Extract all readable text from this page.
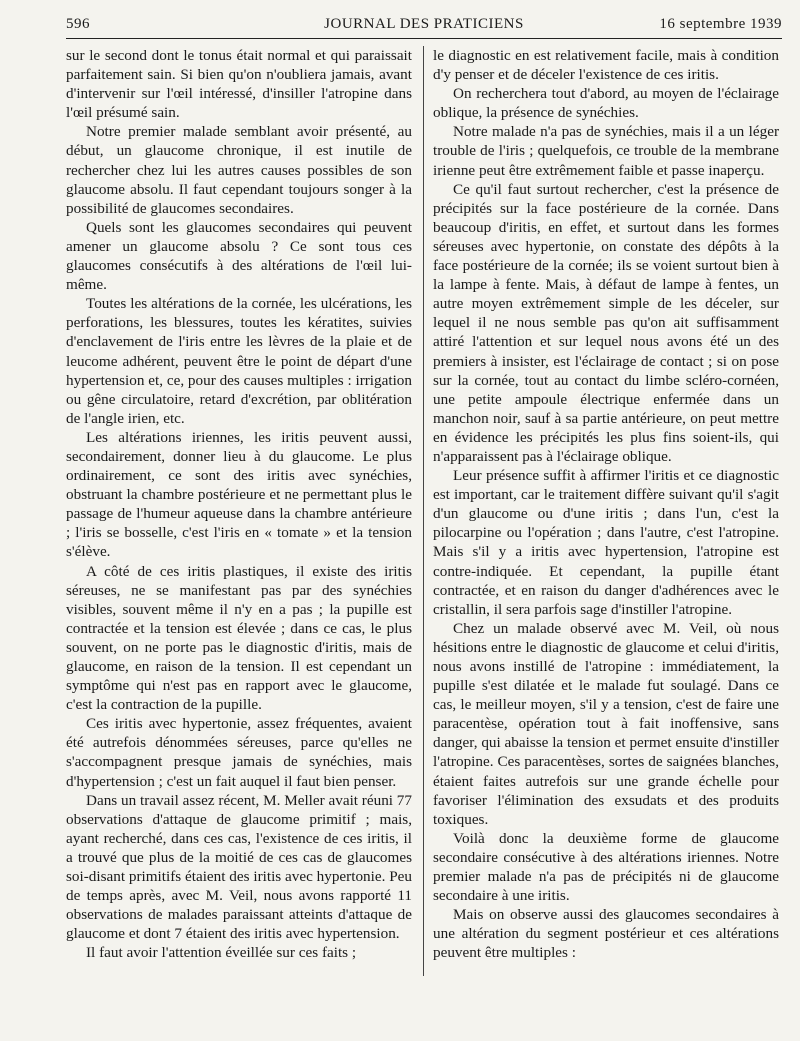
596	JOURNAL DES PRATICIENS	16 septembre 1939

sur le second dont le tonus était normal et qui paraissait parfaitement sain. Si bien qu'on n'oubliera jamais, avant d'intervenir sur l'œil intéressé, d'insiller l'atropine dans l'œil présumé sain.

Notre premier malade semblant avoir présenté, au début, un glaucome chronique, il est inutile de rechercher chez lui les autres causes possibles de son glaucome absolu. Il faut cependant toujours songer à la possibilité de glaucomes secondaires.

Quels sont les glaucomes secondaires qui peuvent amener un glaucome absolu ? Ce sont tous ces glaucomes consécutifs à des altérations de l'œil lui-même.

Toutes les altérations de la cornée, les ulcérations, les perforations, les blessures, toutes les kératites, suivies d'enclavement de l'iris entre les lèvres de la plaie et de leucome adhérent, peuvent être le point de départ d'une hypertension et, ce, pour des causes multiples : irrigation ou gêne circulatoire, retard d'excrétion, par oblitération de l'angle irien, etc.

Les altérations iriennes, les iritis peuvent aussi, secondairement, donner lieu à du glaucome. Le plus ordinairement, ce sont des iritis avec synéchies, obstruant la chambre postérieure et ne permettant plus le passage de l'humeur aqueuse dans la chambre antérieure ; l'iris se bosselle, c'est l'iris en « tomate » et la tension s'élève.

A côté de ces iritis plastiques, il existe des iritis séreuses, ne se manifestant pas par des synéchies visibles, souvent même il n'y en a pas ; la pupille est contractée et la tension est élevée ; dans ce cas, le plus souvent, on ne porte pas le diagnostic d'iritis, mais de glaucome, en raison de la tension. Il est cependant un symptôme qui n'est pas en rapport avec le glaucome, c'est la contraction de la pupille.

Ces iritis avec hypertonie, assez fréquentes, avaient été autrefois dénommées séreuses, parce qu'elles ne s'accompagnent presque jamais de synéchies, mais d'hypertension ; c'est un fait auquel il faut bien penser.

Dans un travail assez récent, M. Meller avait réuni 77 observations d'attaque de glaucome primitif ; mais, ayant recherché, dans ces cas, l'existence de ces iritis, il a trouvé que plus de la moitié de ces cas de glaucomes soi-disant primitifs étaient des iritis avec hypertonie. Peu de temps après, avec M. Veil, nous avons rapporté 11 observations de malades paraissant atteints d'attaque de glaucome et dont 7 étaient des iritis avec hypertension.

Il faut avoir l'attention éveillée sur ces faits ;

le diagnostic en est relativement facile, mais à condition d'y penser et de déceler l'existence de ces iritis.

On recherchera tout d'abord, au moyen de l'éclairage oblique, la présence de synéchies.

Notre malade n'a pas de synéchies, mais il a un léger trouble de l'iris ; quelquefois, ce trouble de la membrane irienne peut être extrêmement faible et passe inaperçu.

Ce qu'il faut surtout rechercher, c'est la présence de précipités sur la face postérieure de la cornée. Dans beaucoup d'iritis, en effet, et surtout dans les formes séreuses avec hypertonie, on constate des dépôts à la face postérieure de la cornée; ils se voient surtout bien à la lampe à fente. Mais, à défaut de lampe à fentes, un autre moyen extrêmement simple de les déceler, sur lequel il ne nous semble pas qu'on ait suffisamment attiré l'attention et sur lequel nous avons été un des premiers à insister, est l'éclairage de contact ; si on pose sur la cornée, tout au contact du limbe scléro-cornéen, une petite ampoule électrique enfermée dans un manchon noir, sauf à sa partie antérieure, on peut mettre en évidence les précipités les plus fins soient-ils, qui n'apparaissent pas à l'éclairage oblique.

Leur présence suffit à affirmer l'iritis et ce diagnostic est important, car le traitement diffère suivant qu'il s'agit d'un glaucome ou d'une iritis ; dans l'un, c'est la pilocarpine ou l'opération ; dans l'autre, c'est l'atropine. Mais s'il y a iritis avec hypertension, l'atropine est contre-indiquée. Et cependant, la pupille étant contractée, et en raison du danger d'adhérences avec le cristallin, il sera parfois sage d'instiller l'atropine.

Chez un malade observé avec M. Veil, où nous hésitions entre le diagnostic de glaucome et celui d'iritis, nous avons instillé de l'atropine : immédiatement, la pupille s'est dilatée et le malade fut soulagé. Dans ce cas, le meilleur moyen, s'il y a tension, c'est de faire une paracentèse, opération tout à fait inoffensive, sans danger, qui abaisse la tension et permet ensuite d'instiller l'atropine. Ces paracentèses, sortes de saignées blanches, étaient faites autrefois sur une grande échelle pour favoriser l'élimination des exsudats et des produits toxiques.

Voilà donc la deuxième forme de glaucome secondaire consécutive à des altérations iriennes. Notre premier malade n'a pas de précipités ni de glaucome secondaire à une iritis.

Mais on observe aussi des glaucomes secondaires à une altération du segment postérieur et ces altérations peuvent être multiples :
